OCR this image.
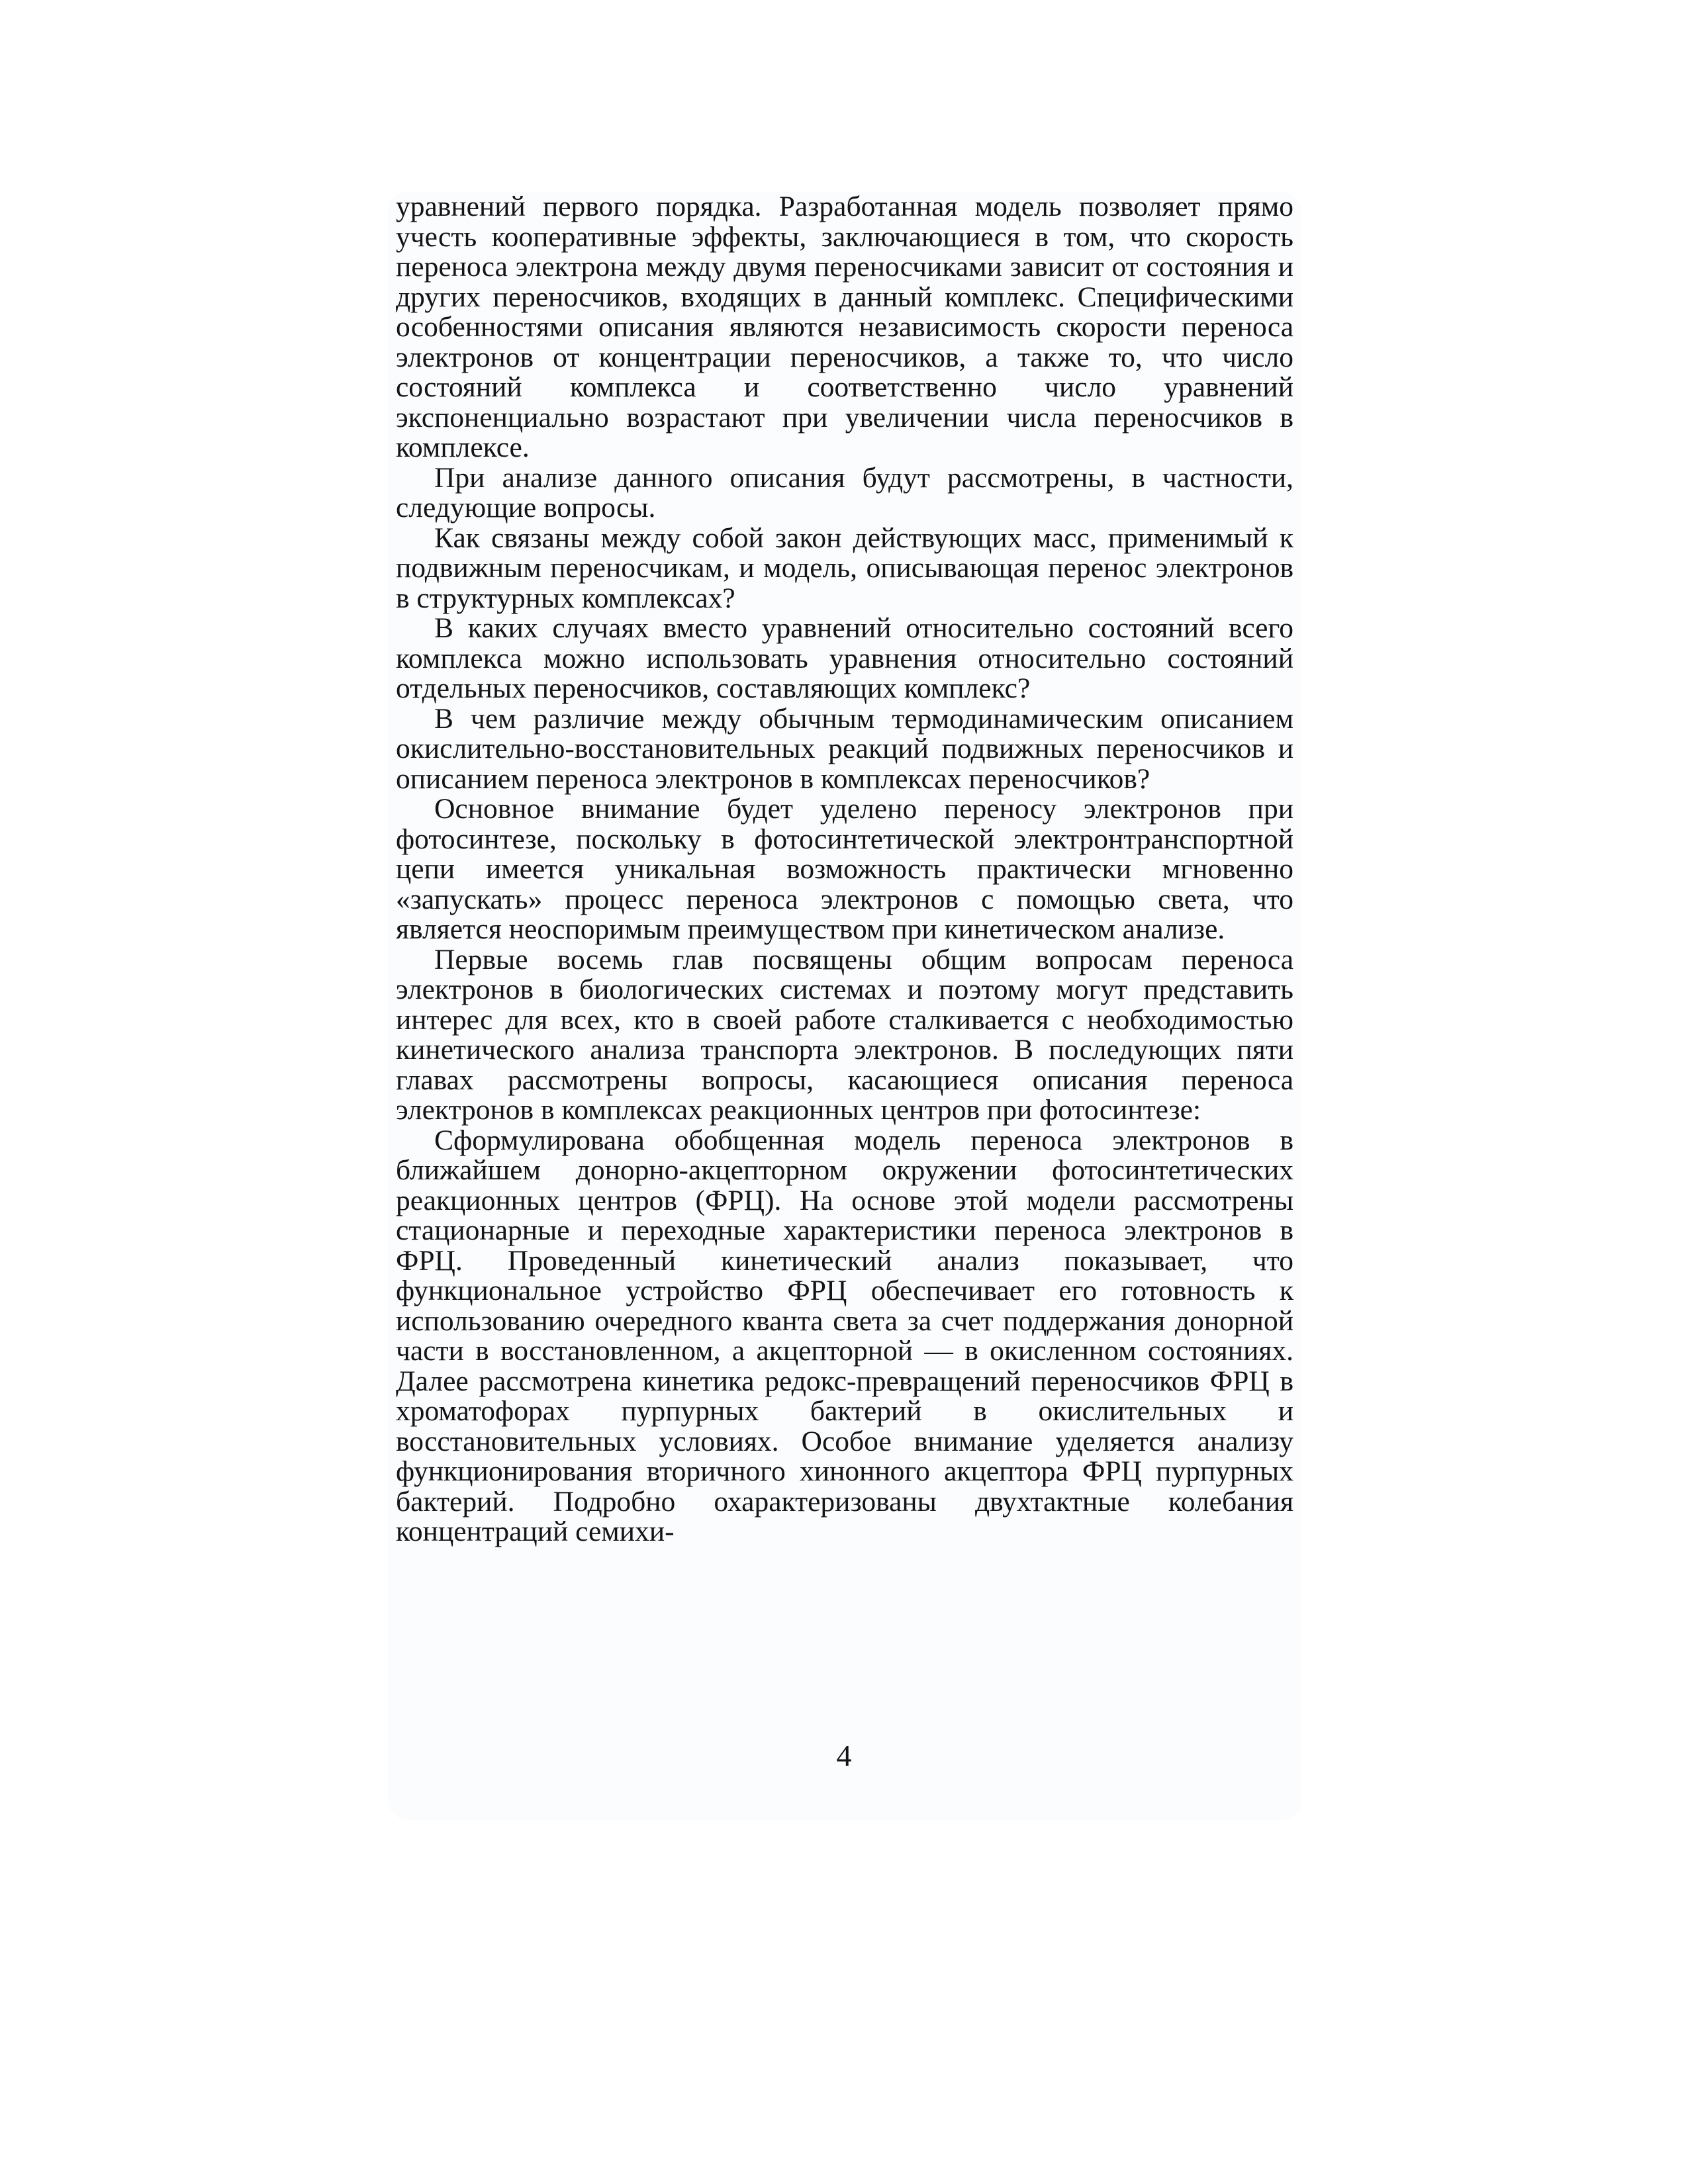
уравнений первого порядка. Разработанная модель позволяет прямо учесть кооперативные эффекты, заключающиеся в том, что скорость переноса электрона между двумя переносчиками зависит от состояния и других переносчиков, входящих в данный комплекс. Специфическими особенностями описания являются независимость скорости переноса электронов от концентрации переносчиков, а также то, что число состояний комплекса и соответственно число уравнений экспоненциально возрастают при увеличении числа переносчиков в комплексе.

При анализе данного описания будут рассмотрены, в частности, следующие вопросы.

Как связаны между собой закон действующих масс, применимый к подвижным переносчикам, и модель, описывающая перенос электронов в структурных комплексах?

В каких случаях вместо уравнений относительно состояний всего комплекса можно использовать уравнения относительно состояний отдельных переносчиков, составляющих комплекс?

В чем различие между обычным термодинамическим описанием окислительно-восстановительных реакций подвижных переносчиков и описанием переноса электронов в комплексах переносчиков?

Основное внимание будет уделено переносу электронов при фотосинтезе, поскольку в фотосинтетической электронтранспортной цепи имеется уникальная возможность практически мгновенно «запускать» процесс переноса электронов с помощью света, что является неоспоримым преимуществом при кинетическом анализе.

Первые восемь глав посвящены общим вопросам переноса электронов в биологических системах и поэтому могут представить интерес для всех, кто в своей работе сталкивается с необходимостью кинетического анализа транспорта электронов. В последующих пяти главах рассмотрены вопросы, касающиеся описания переноса электронов в комплексах реакционных центров при фотосинтезе:

Сформулирована обобщенная модель переноса электронов в ближайшем донорно-акцепторном окружении фотосинтетических реакционных центров (ФРЦ). На основе этой модели рассмотрены стационарные и переходные характеристики переноса электронов в ФРЦ. Проведенный кинетический анализ показывает, что функциональное устройство ФРЦ обеспечивает его готовность к использованию очередного кванта света за счет поддержания донорной части в восстановленном, а акцепторной — в окисленном состояниях. Далее рассмотрена кинетика редокс-превращений переносчиков ФРЦ в хроматофорах пурпурных бактерий в окислительных и восстановительных условиях. Особое внимание уделяется анализу функционирования вторичного хинонного акцептора ФРЦ пурпурных бактерий. Подробно охарактеризованы двухтактные колебания концентраций семихи-

4
